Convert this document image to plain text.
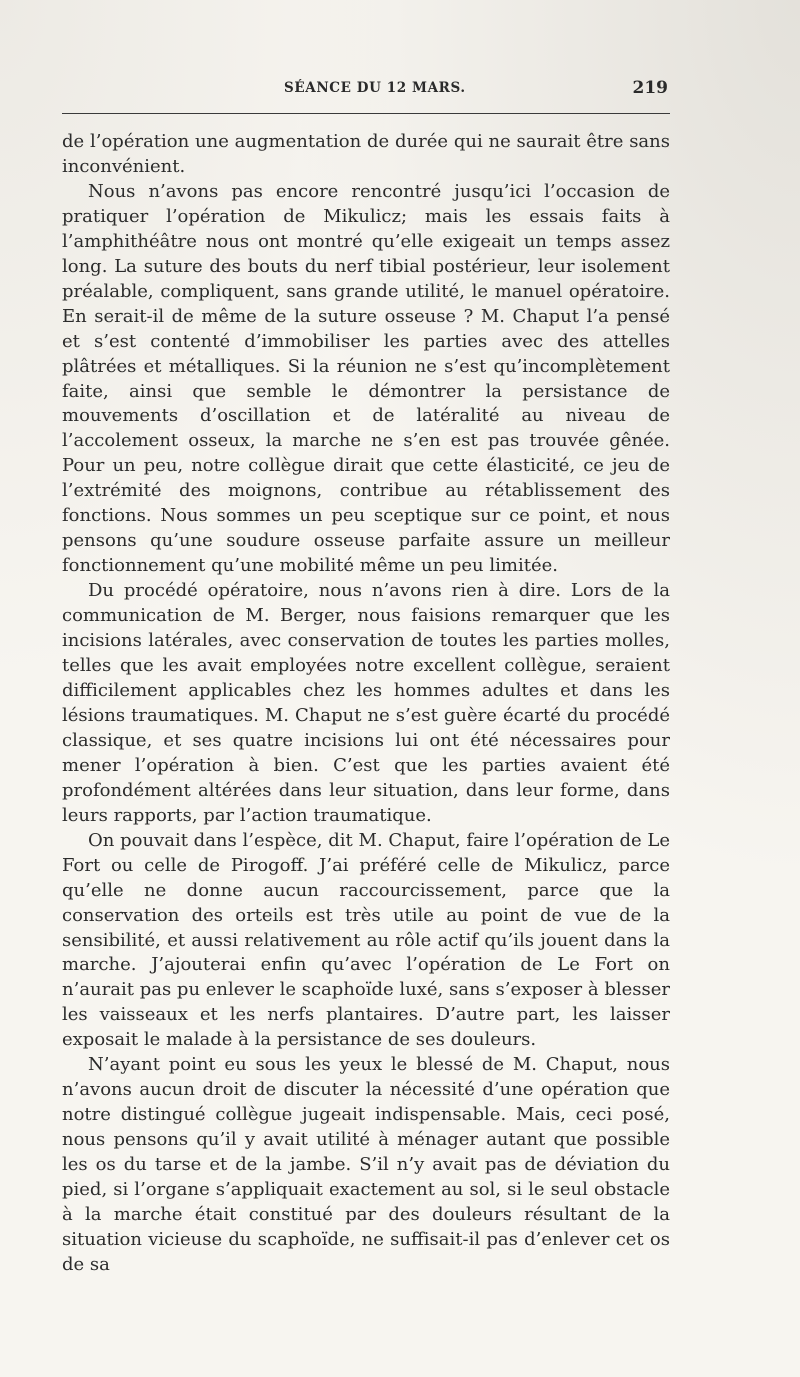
SÉANCE DU 12 MARS.	219

de l’opération une augmentation de durée qui ne saurait être sans inconvénient.

Nous n’avons pas encore rencontré jusqu’ici l’occasion de pratiquer l’opération de Mikulicz; mais les essais faits à l’amphithéâtre nous ont montré qu’elle exigeait un temps assez long. La suture des bouts du nerf tibial postérieur, leur isolement préalable, compliquent, sans grande utilité, le manuel opératoire. En serait-il de même de la suture osseuse ? M. Chaput l’a pensé et s’est contenté d’immobiliser les parties avec des attelles plâtrées et métalliques. Si la réunion ne s’est qu’incomplètement faite, ainsi que semble le démontrer la persistance de mouvements d’oscillation et de latéralité au niveau de l’accolement osseux, la marche ne s’en est pas trouvée gênée. Pour un peu, notre collègue dirait que cette élasticité, ce jeu de l’extrémité des moignons, contribue au rétablissement des fonctions. Nous sommes un peu sceptique sur ce point, et nous pensons qu’une soudure osseuse parfaite assure un meilleur fonctionnement qu’une mobilité même un peu limitée.

Du procédé opératoire, nous n’avons rien à dire. Lors de la communication de M. Berger, nous faisions remarquer que les incisions latérales, avec conservation de toutes les parties molles, telles que les avait employées notre excellent collègue, seraient difficilement applicables chez les hommes adultes et dans les lésions traumatiques. M. Chaput ne s’est guère écarté du procédé classique, et ses quatre incisions lui ont été nécessaires pour mener l’opération à bien. C’est que les parties avaient été profondément altérées dans leur situation, dans leur forme, dans leurs rapports, par l’action traumatique.

On pouvait dans l’espèce, dit M. Chaput, faire l’opération de Le Fort ou celle de Pirogoff. J’ai préféré celle de Mikulicz, parce qu’elle ne donne aucun raccourcissement, parce que la conservation des orteils est très utile au point de vue de la sensibilité, et aussi relativement au rôle actif qu’ils jouent dans la marche. J’ajouterai enfin qu’avec l’opération de Le Fort on n’aurait pas pu enlever le scaphoïde luxé, sans s’exposer à blesser les vaisseaux et les nerfs plantaires. D’autre part, les laisser exposait le malade à la persistance de ses douleurs.

N’ayant point eu sous les yeux le blessé de M. Chaput, nous n’avons aucun droit de discuter la nécessité d’une opération que notre distingué collègue jugeait indispensable. Mais, ceci posé, nous pensons qu’il y avait utilité à ménager autant que possible les os du tarse et de la jambe. S’il n’y avait pas de déviation du pied, si l’organe s’appliquait exactement au sol, si le seul obstacle à la marche était constitué par des douleurs résultant de la situation vicieuse du scaphoïde, ne suffisait-il pas d’enlever cet os de sa
